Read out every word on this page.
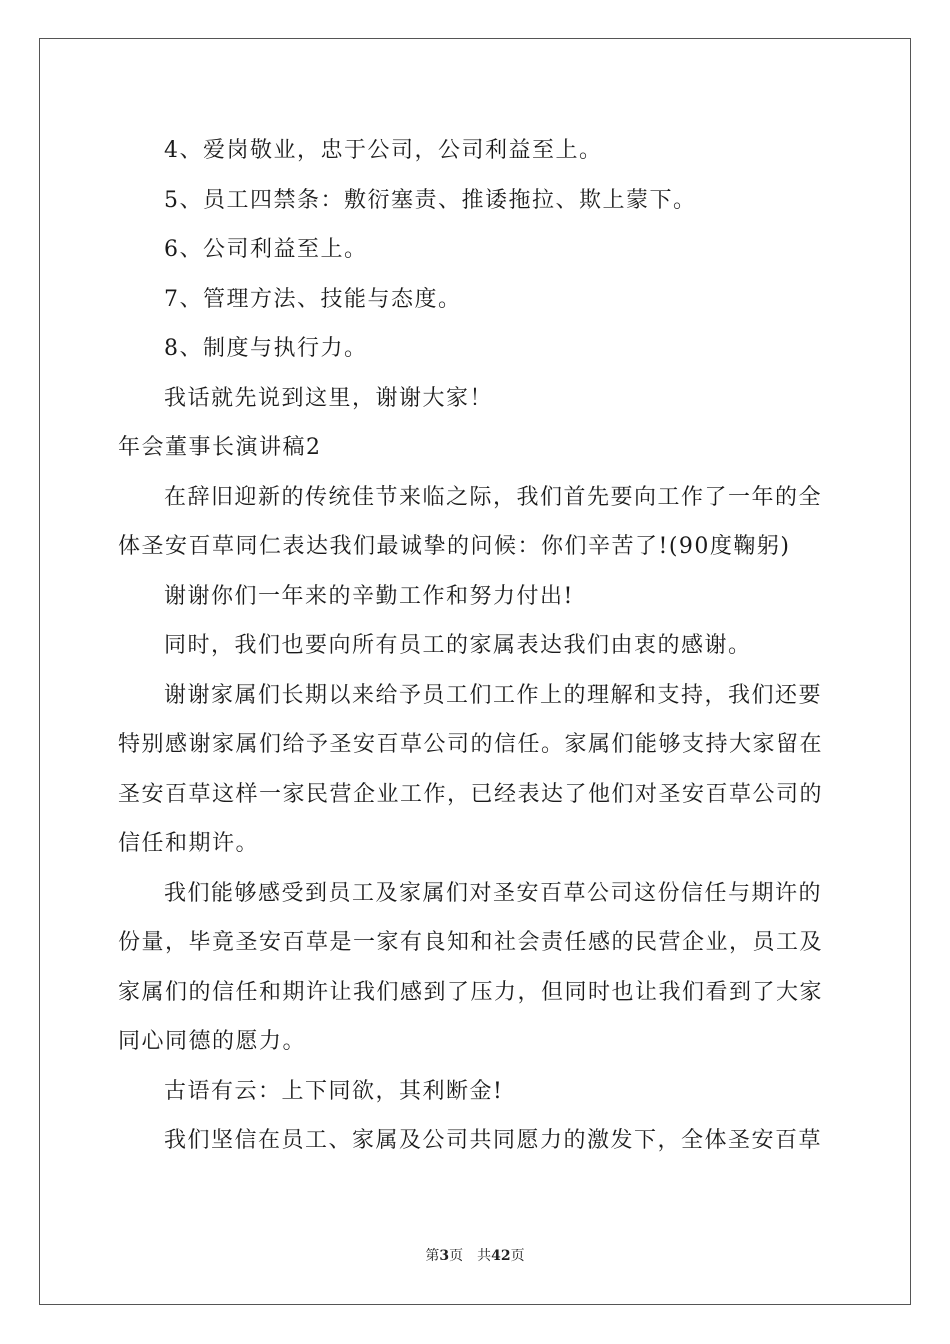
4、爱岗敬业，忠于公司，公司利益至上。
5、员工四禁条：敷衍塞责、推诿拖拉、欺上蒙下。
6、公司利益至上。
7、管理方法、技能与态度。
8、制度与执行力。
我话就先说到这里，谢谢大家！
年会董事长演讲稿2
在辞旧迎新的传统佳节来临之际，我们首先要向工作了一年的全
体圣安百草同仁表达我们最诚挚的问候：你们辛苦了!(90度鞠躬)
谢谢你们一年来的辛勤工作和努力付出!
同时，我们也要向所有员工的家属表达我们由衷的感谢。
谢谢家属们长期以来给予员工们工作上的理解和支持，我们还要
特别感谢家属们给予圣安百草公司的信任。家属们能够支持大家留在
圣安百草这样一家民营企业工作，已经表达了他们对圣安百草公司的
信任和期许。
我们能够感受到员工及家属们对圣安百草公司这份信任与期许的
份量，毕竟圣安百草是一家有良知和社会责任感的民营企业，员工及
家属们的信任和期许让我们感到了压力，但同时也让我们看到了大家
同心同德的愿力。
古语有云：上下同欲，其利断金!
我们坚信在员工、家属及公司共同愿力的激发下，全体圣安百草
第3页 共42页
